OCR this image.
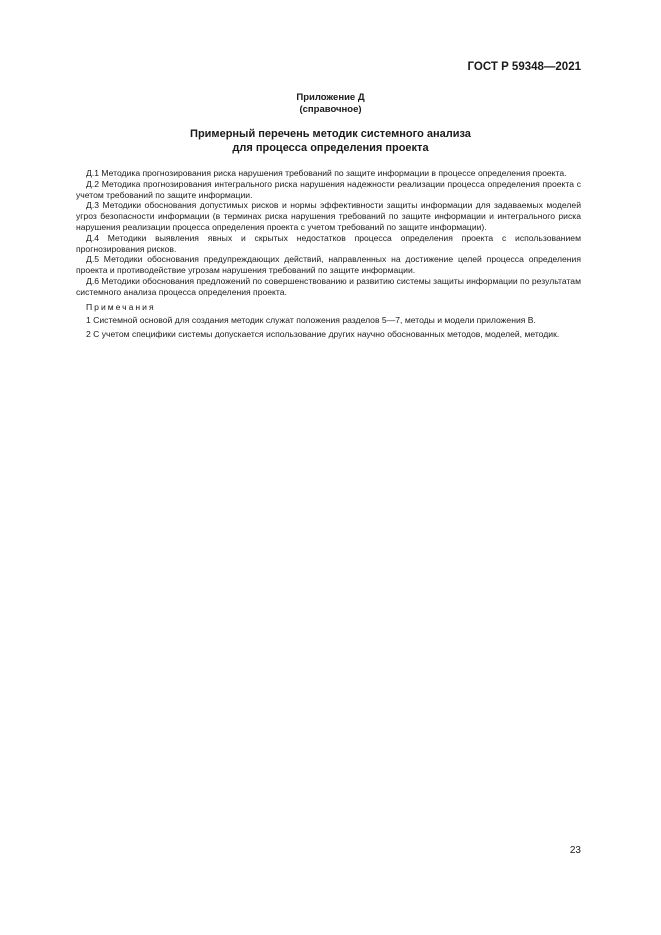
ГОСТ Р 59348—2021
Приложение Д
(справочное)
Примерный перечень методик системного анализа
для процесса определения проекта

Д.1 Методика прогнозирования риска нарушения требований по защите информации в процессе определения проекта.

Д.2 Методика прогнозирования интегрального риска нарушения надежности реализации процесса определения проекта с учетом требований по защите информации.

Д.3 Методики обоснования допустимых рисков и нормы эффективности защиты информации для задаваемых моделей угроз безопасности информации (в терминах риска нарушения требований по защите информации и интегрального риска нарушения реализации процесса определения проекта с учетом требований по защите информации).

Д.4 Методики выявления явных и скрытых недостатков процесса определения проекта с использованием прогнозирования рисков.

Д.5 Методики обоснования предупреждающих действий, направленных на достижение целей процесса определения проекта и противодействие угрозам нарушения требований по защите информации.

Д.6 Методики обоснования предложений по совершенствованию и развитию системы защиты информации по результатам системного анализа процесса определения проекта.

Примечания

1 Системной основой для создания методик служат положения разделов 5—7, методы и модели приложения В.

2 С учетом специфики системы допускается использование других научно обоснованных методов, моделей, методик.

23
